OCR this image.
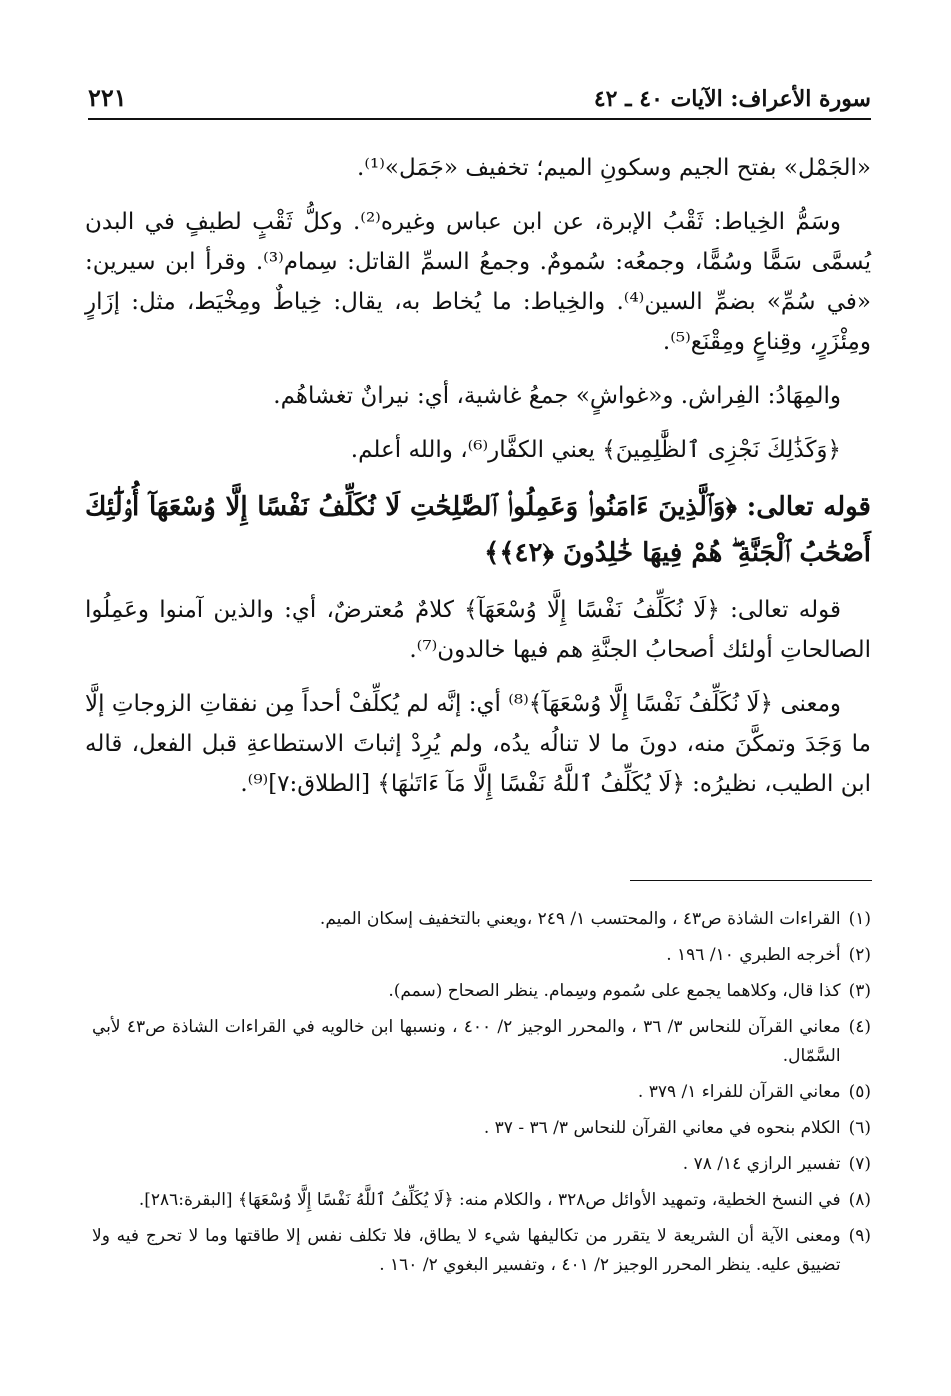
٢٢١	سورة الأعراف: الآيات ٤٠ ـ ٤٢

«الجَمْل» بفتح الجيم وسكونِ الميم؛ تخفيف «جَمَل»⁽¹⁾.

وسَمُّ الخِياط: ثَقْبُ الإبرة، عن ابن عباس وغيره⁽²⁾. وكلُّ ثَقْبٍ لطيفٍ في البدن يُسمَّى سَمًّا وسُمًّا، وجمعُه: سُمومٌ. وجمعُ السمِّ القاتل: سِمام⁽³⁾. وقرأ ابن سيرين: «في سُمِّ» بضمِّ السين⁽⁴⁾. والخِياط: ما يُخاط به، يقال: خِياطٌ ومِخْيَط، مثل: إزَارٍ ومِئْزَرٍ، وقِناعٍ ومِقْنَع⁽⁵⁾.

والمِهَادُ: الفِراش. و«غواشٍ» جمعُ غاشية، أي: نيرانٌ تغشاهُم.

﴿وَكَذَٰلِكَ نَجْزِى ٱلظَّٰلِمِينَ﴾ يعني الكفَّار⁽⁶⁾، والله أعلم.

قوله تعالى: ﴿وَٱلَّذِينَ ءَامَنُوا۟ وَعَمِلُوا۟ ٱلصَّٰلِحَٰتِ لَا نُكَلِّفُ نَفْسًا إِلَّا وُسْعَهَآ أُو۟لَٰٓئِكَ أَصْحَٰبُ ٱلْجَنَّةِ ۖ هُمْ فِيهَا خَٰلِدُونَ ﴿٤٢﴾﴾

قوله تعالى: ﴿لَا نُكَلِّفُ نَفْسًا إِلَّا وُسْعَهَآ﴾ كلامٌ مُعترضٌ، أي: والذين آمنوا وعَمِلُوا الصالحاتِ أولئك أصحابُ الجنَّةِ هم فيها خالدون⁽⁷⁾.

ومعنى ﴿لَا نُكَلِّفُ نَفْسًا إِلَّا وُسْعَهَآ﴾⁽⁸⁾ أي: إنَّه لم يُكلِّفْ أحداً مِن نفقاتِ الزوجاتِ إلَّا ما وَجَدَ وتمكَّنَ منه، دونَ ما لا تنالُه يدُه، ولم يُرِدْ إثباتَ الاستطاعةِ قبل الفعل، قاله ابن الطيب، نظيرُه: ﴿لَا يُكَلِّفُ ٱللَّهُ نَفْسًا إِلَّا مَآ ءَاتَىٰهَا﴾ [الطلاق:٧]⁽⁹⁾.

(١)
القراءات الشاذة ص٤٣ ، والمحتسب ١/ ٢٤٩ ،ويعني بالتخفيف إسكان الميم.
(٢)
أخرجه الطبري ١٠/ ١٩٦ .
(٣)
كذا قال، وكلاهما يجمع على سُموم وسِمام. ينظر الصحاح (سمم).
(٤)
معاني القرآن للنحاس ٣/ ٣٦ ، والمحرر الوجيز ٢/ ٤٠٠ ، ونسبها ابن خالويه في القراءات الشاذة ص٤٣ لأبي السَّمّال.
(٥)
معاني القرآن للفراء ١/ ٣٧٩ .
(٦)
الكلام بنحوه في معاني القرآن للنحاس ٣/ ٣٦ - ٣٧ .
(٧)
تفسير الرازي ١٤/ ٧٨ .
(٨)
في النسخ الخطية، وتمهيد الأوائل ص٣٢٨ ، والكلام منه: ﴿لَا يُكَلِّفُ ٱللَّهُ نَفْسًا إِلَّا وُسْعَهَا﴾ [البقرة:٢٨٦].
(٩)
ومعنى الآية أن الشريعة لا يتقرر من تكاليفها شيء لا يطاق، فلا تكلف نفس إلا طاقتها وما لا تحرج فيه ولا تضييق عليه. ينظر المحرر الوجيز ٢/ ٤٠١ ، وتفسير البغوي ٢/ ١٦٠ .
